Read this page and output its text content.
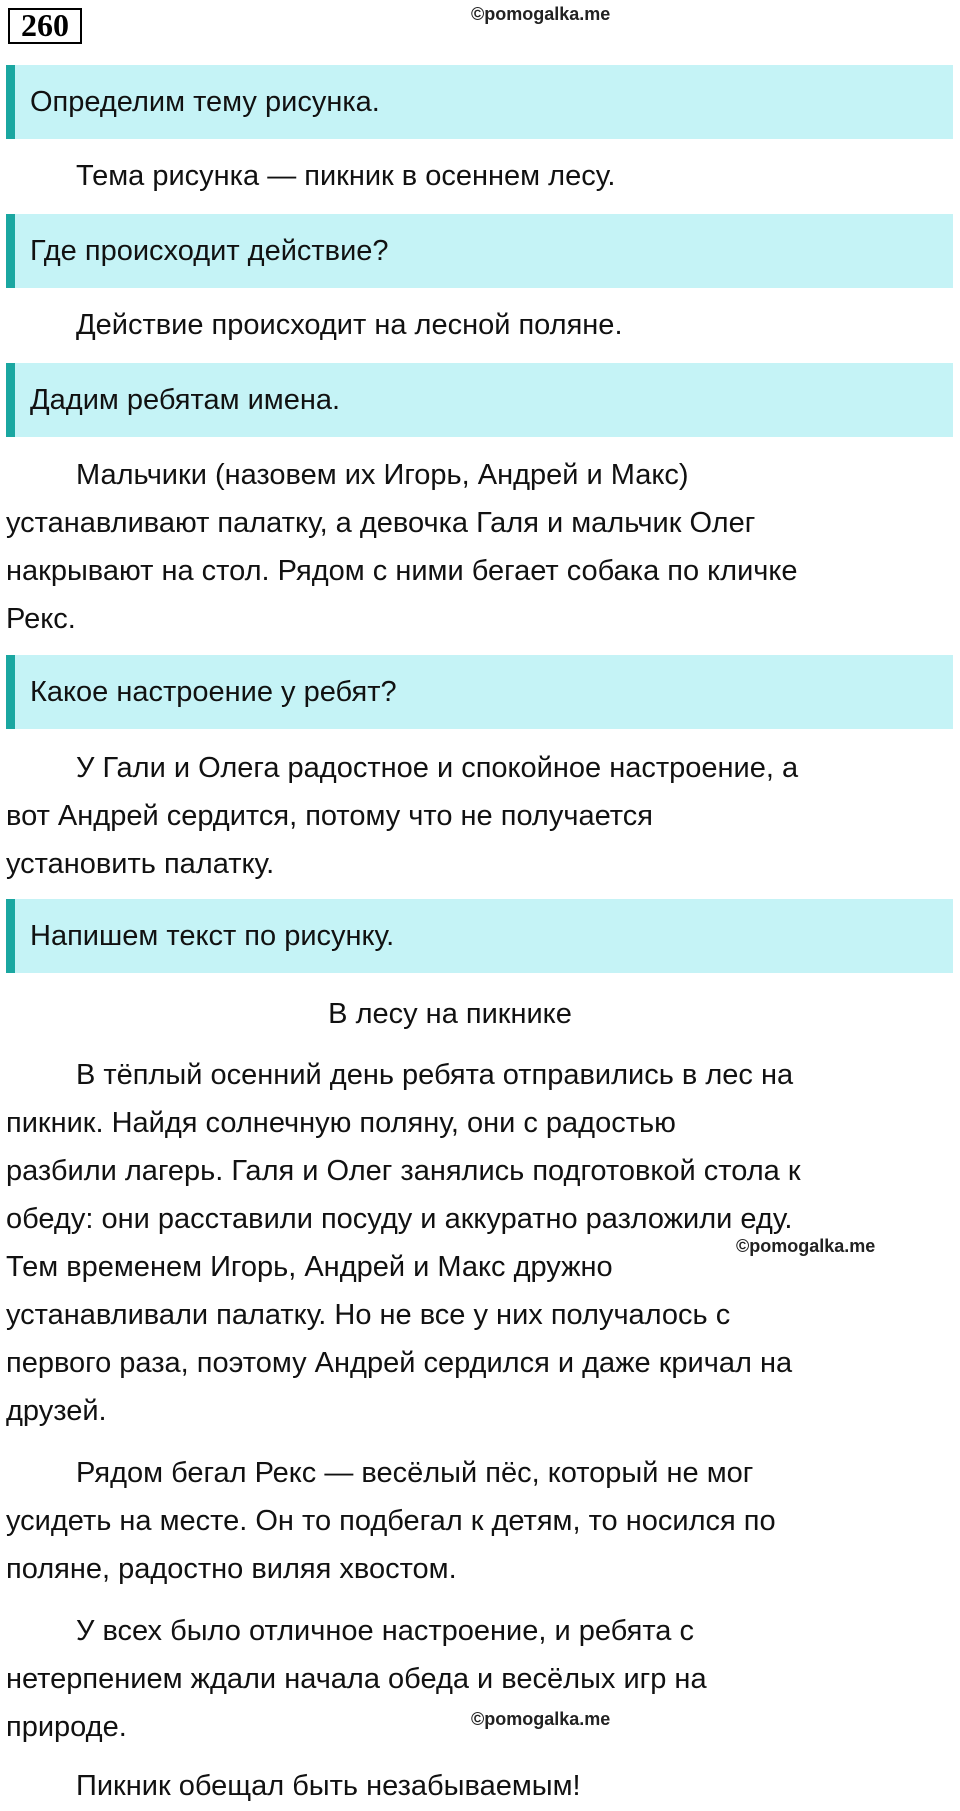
260	©pomogalka.me
Определим тему рисунка.
Тема рисунка — пикник в осеннем лесу.
Где происходит действие?
Действие происходит на лесной поляне.
Дадим ребятам имена.
Мальчики (назовем их Игорь, Андрей и Макс)
устанавливают палатку, а девочка Галя и мальчик Олег
накрывают на стол. Рядом с ними бегает собака по кличке
Рекс.
Какое настроение у ребят?
У Гали и Олега радостное и спокойное настроение, а
вот Андрей сердится, потому что не получается
установить палатку.
Напишем текст по рисунку.
В лесу на пикнике
В тёплый осенний день ребята отправились в лес на
пикник. Найдя солнечную поляну, они с радостью
разбили лагерь. Галя и Олег занялись подготовкой стола к
обеду: они расставили посуду и аккуратно разложили еду.
Тем временем Игорь, Андрей и Макс дружно
устанавливали палатку. Но не все у них получалось с
первого раза, поэтому Андрей сердился и даже кричал на
друзей.
©pomogalka.me
Рядом бегал Рекс — весёлый пёс, который не мог
усидеть на месте. Он то подбегал к детям, то носился по
поляне, радостно виляя хвостом.
У всех было отличное настроение, и ребята с
нетерпением ждали начала обеда и весёлых игр на
природе.	©pomogalka.me
Пикник обещал быть незабываемым!
